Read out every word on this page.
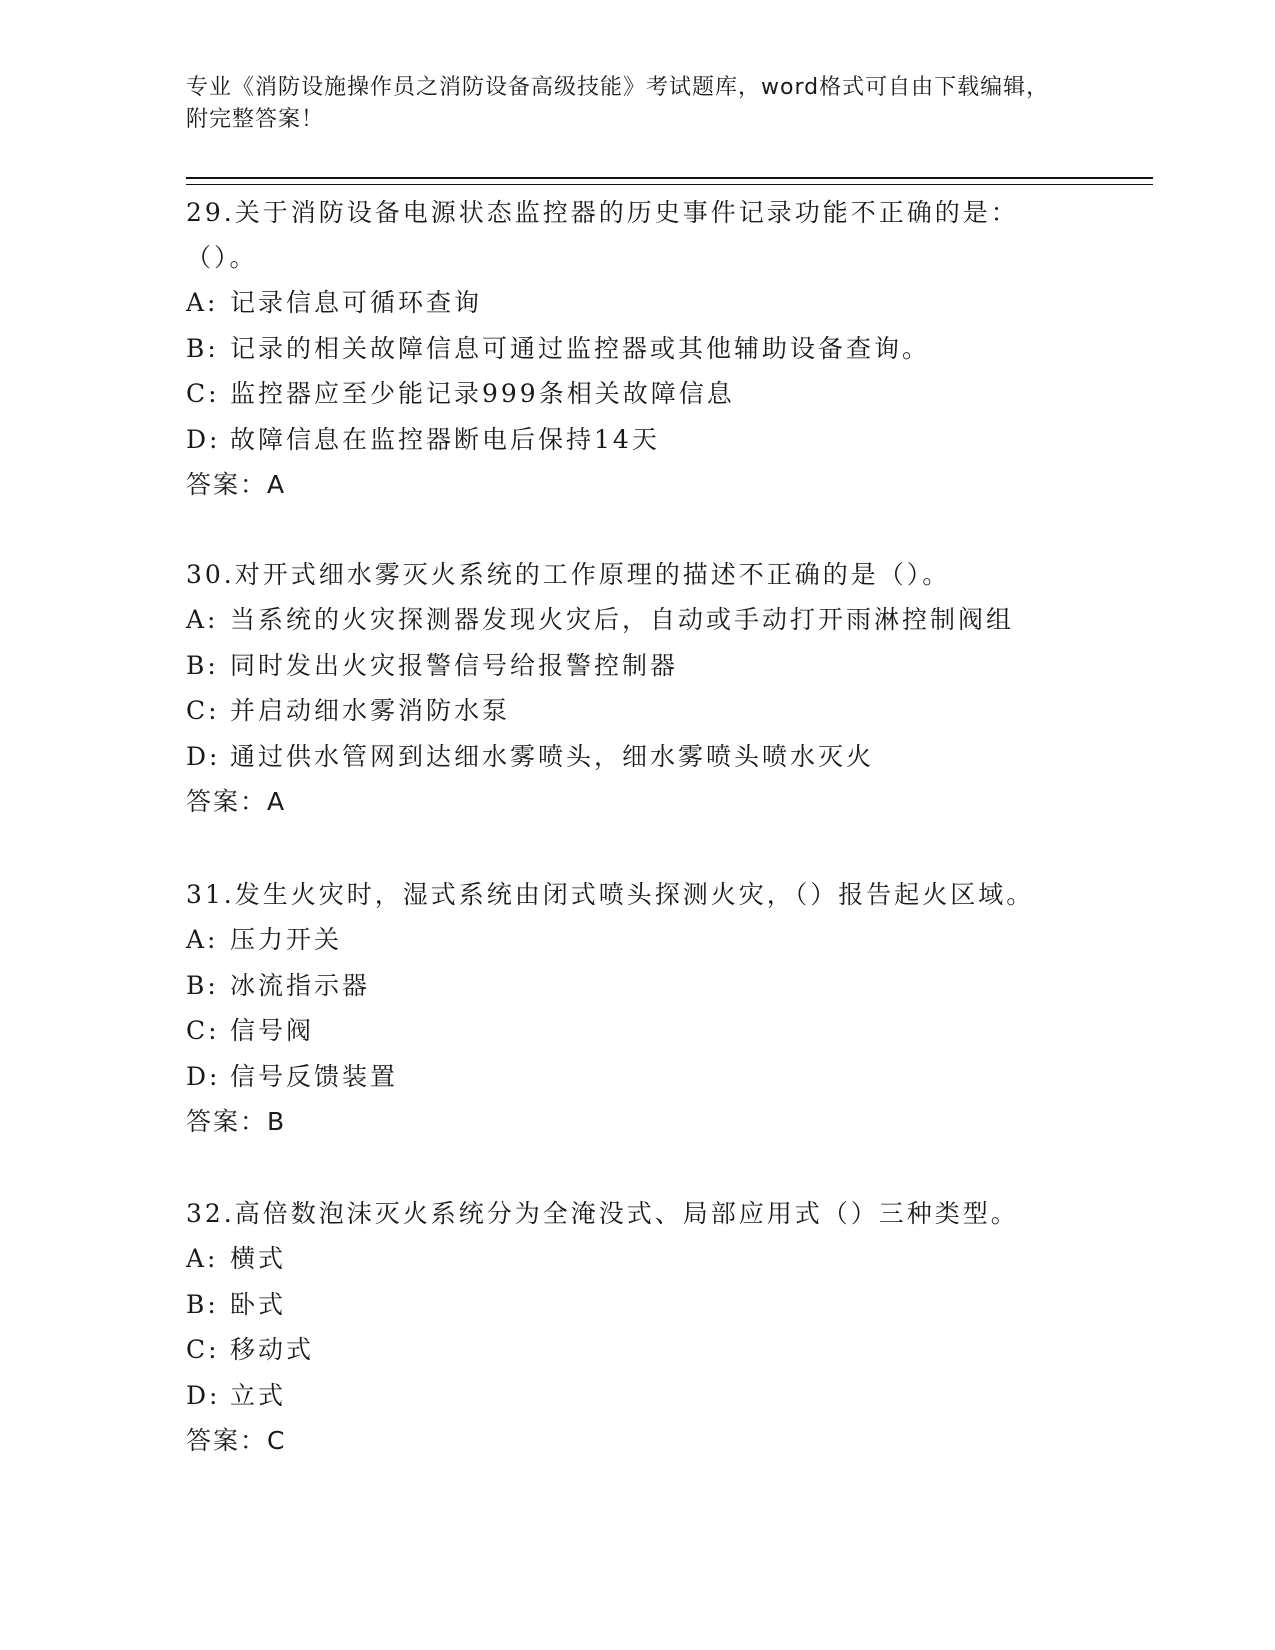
专业《消防设施操作员之消防设备高级技能》考试题库，word格式可自由下载编辑，附完整答案！

29.关于消防设备电源状态监控器的历史事件记录功能不正确的是：（）。

A: 记录信息可循环查询

B: 记录的相关故障信息可通过监控器或其他辅助设备查询。

C: 监控器应至少能记录999条相关故障信息

D: 故障信息在监控器断电后保持14天

答案：A

30.对开式细水雾灭火系统的工作原理的描述不正确的是（）。

A: 当系统的火灾探测器发现火灾后，自动或手动打开雨淋控制阀组

B: 同时发出火灾报警信号给报警控制器

C: 并启动细水雾消防水泵

D: 通过供水管网到达细水雾喷头，细水雾喷头喷水灭火

答案：A

31.发生火灾时，湿式系统由闭式喷头探测火灾，（）报告起火区域。

A: 压力开关

B: 冰流指示器

C: 信号阀

D: 信号反馈装置

答案：B

32.高倍数泡沫灭火系统分为全淹没式、局部应用式（）三种类型。

A: 横式

B: 卧式

C: 移动式

D: 立式

答案：C
